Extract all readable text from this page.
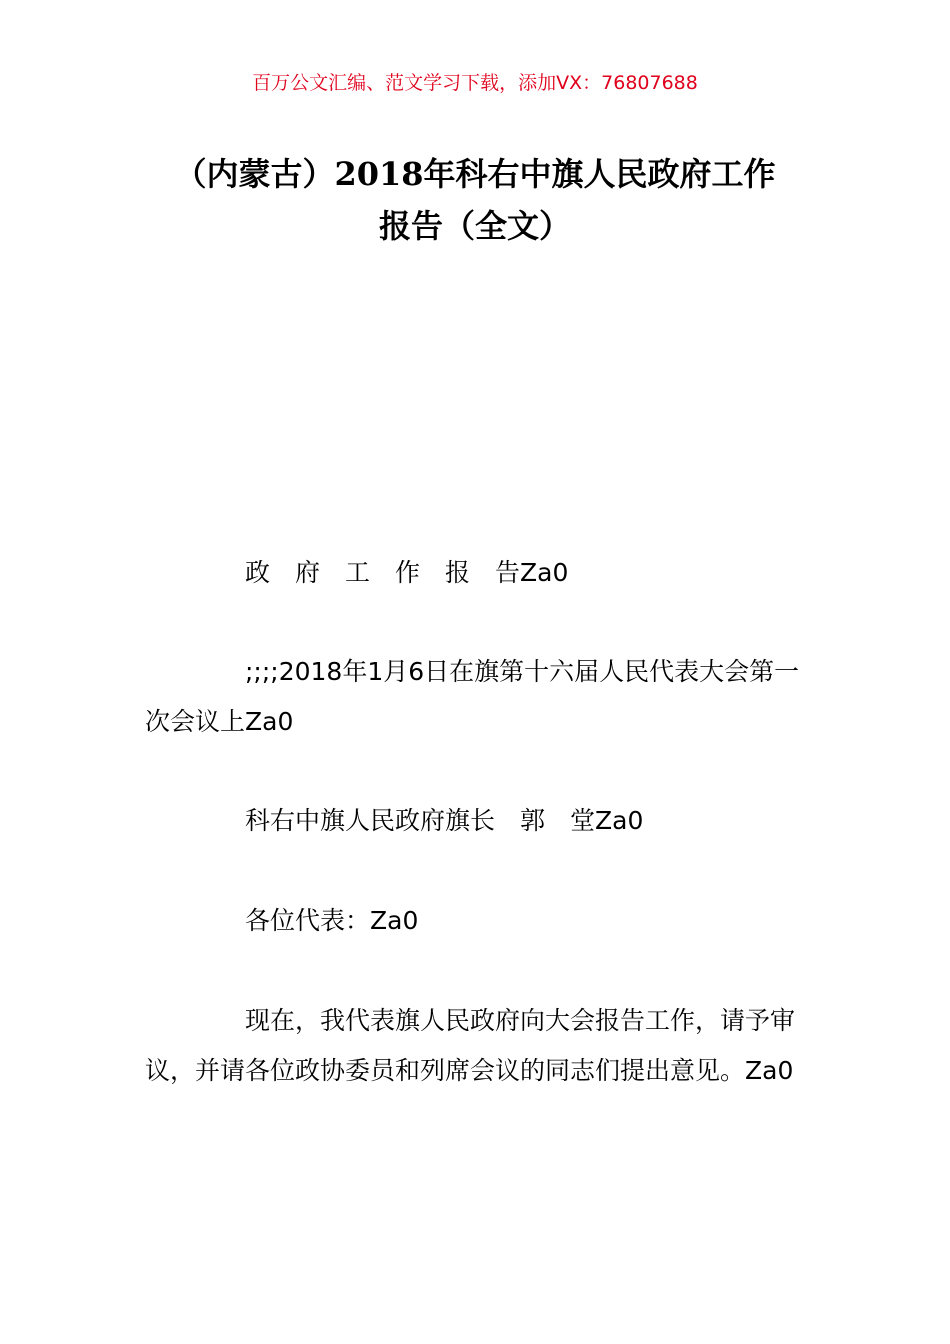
百万公文汇编、范文学习下载，添加VX：76807688
（内蒙古）2018年科右中旗人民政府工作
报告（全文）
政　府　工　作　报　告Za0
;;;;2018年1月6日在旗第十六届人民代表大会第一次会议上Za0
科右中旗人民政府旗长　郭　堂Za0
各位代表：Za0
现在，我代表旗人民政府向大会报告工作，请予审议，并请各位政协委员和列席会议的同志们提出意见。Za0
